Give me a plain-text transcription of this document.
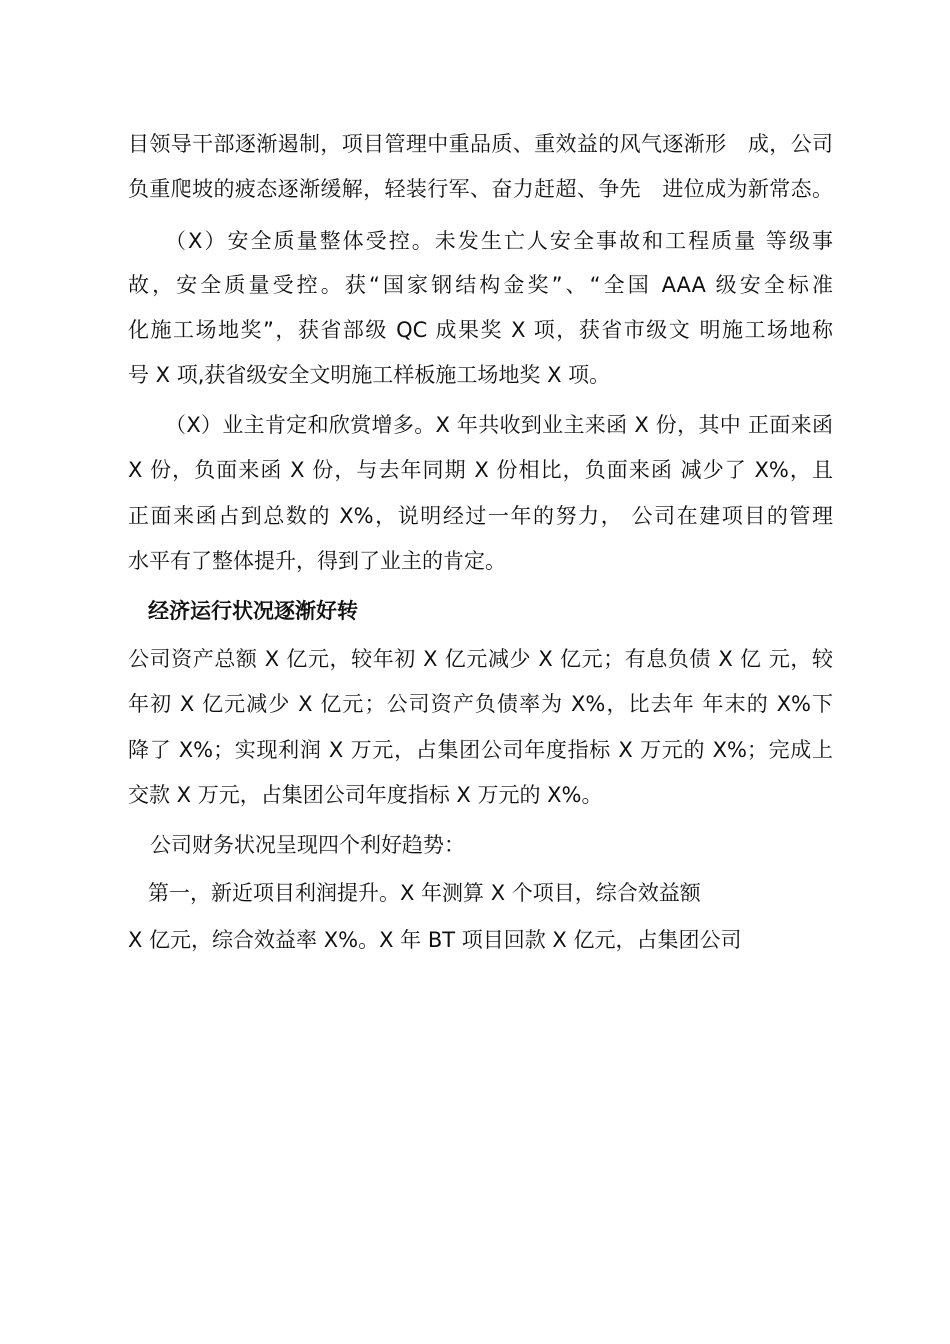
目领导干部逐渐遏制，项目管理中重品质、重效益的风气逐渐形　成，公司
负重爬坡的疲态逐渐缓解，轻装行军、奋力赶超、争先　进位成为新常态。
（X）安全质量整体受控。未发生亡人安全事故和工程质量 等级事
故，安全质量受控。获“国家钢结构金奖”、“全国 AAA 级安全标准
化施工场地奖”，获省部级 QC 成果奖 X 项，获省市级文 明施工场地称
号 X 项,获省级安全文明施工样板施工场地奖 X 项。
（X）业主肯定和欣赏增多。X 年共收到业主来函 X 份，其中 正面来函
X 份，负面来函 X 份，与去年同期 X 份相比，负面来函 减少了 X%，且
正面来函占到总数的 X%，说明经过一年的努力， 公司在建项目的管理
水平有了整体提升，得到了业主的肯定。
经济运行状况逐渐好转
公司资产总额 X 亿元，较年初 X 亿元减少 X 亿元；有息负债 X 亿 元，较
年初 X 亿元减少 X 亿元；公司资产负债率为 X%，比去年 年末的 X%下
降了 X%；实现利润 X 万元，占集团公司年度指标 X 万元的 X%；完成上
交款 X 万元，占集团公司年度指标 X 万元的 X%。
公司财务状况呈现四个利好趋势：
第一，新近项目利润提升。X 年测算 X 个项目，综合效益额
X 亿元，综合效益率 X%。X 年 BT 项目回款 X 亿元，占集团公司
